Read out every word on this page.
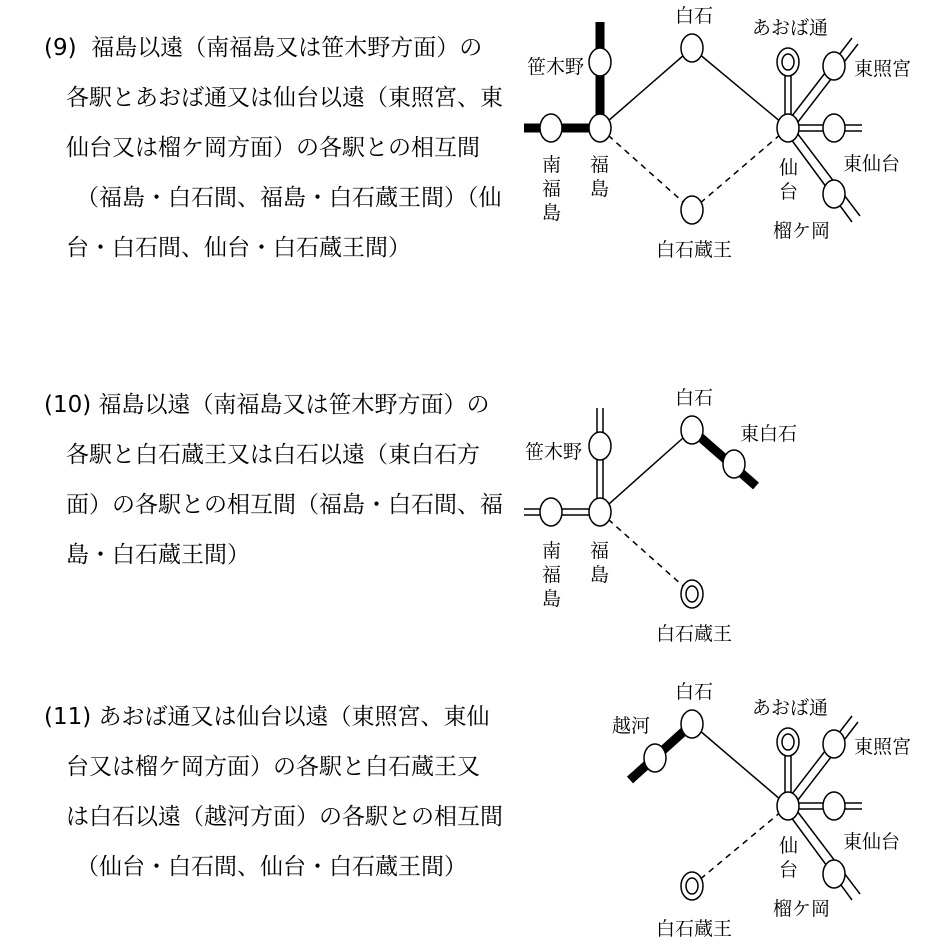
(9) 福島以遠（南福島又は笹木野方面）の
各駅とあおば通又は仙台以遠（東照宮、東
仙台又は榴ケ岡方面）の各駅との相互間
（福島・白石間、福島・白石蔵王間）（仙
台・白石間、仙台・白石蔵王間）
笹木野
南
福
島
福
島
白石
白石蔵王
あおば通
東照宮
東仙台
仙
台
榴ケ岡
(10) 福島以遠（南福島又は笹木野方面）の
各駅と白石蔵王又は白石以遠（東白石方
面）の各駅との相互間（福島・白石間、福
島・白石蔵王間）
笹木野
南
福
島
福
島
白石
東白石
白石蔵王
(11) あおば通又は仙台以遠（東照宮、東仙
台又は榴ケ岡方面）の各駅と白石蔵王又
は白石以遠（越河方面）の各駅との相互間
（仙台・白石間、仙台・白石蔵王間）
越河
白石
白石蔵王
あおば通
東照宮
東仙台
仙
台
榴ケ岡
